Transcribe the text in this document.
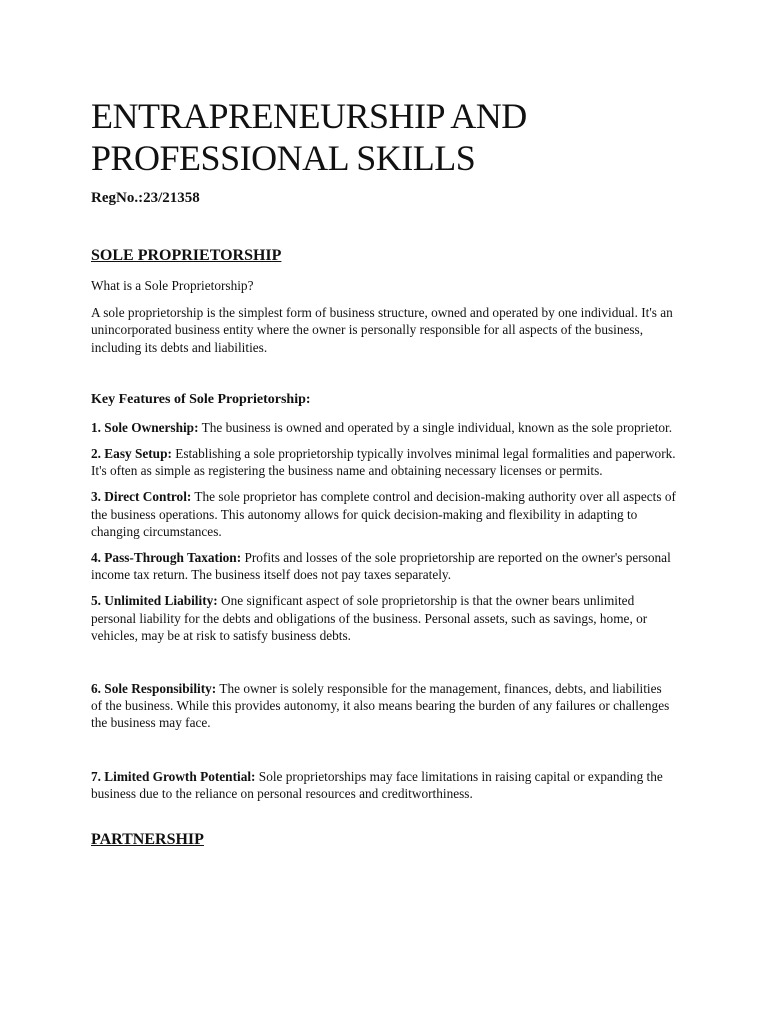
ENTRAPRENEURSHIP AND
PROFESSIONAL SKILLS
RegNo.:23/21358
SOLE PROPRIETORSHIP

What is a Sole Proprietorship?

A sole proprietorship is the simplest form of business structure, owned and operated by one individual. It's an unincorporated business entity where the owner is personally responsible for all aspects of the business, including its debts and liabilities.

Key Features of Sole Proprietorship:

1. Sole Ownership: The business is owned and operated by a single individual, known as the sole proprietor.

2. Easy Setup: Establishing a sole proprietorship typically involves minimal legal formalities and paperwork. It's often as simple as registering the business name and obtaining necessary licenses or permits.

3. Direct Control: The sole proprietor has complete control and decision-making authority over all aspects of the business operations. This autonomy allows for quick decision-making and flexibility in adapting to changing circumstances.

4. Pass-Through Taxation: Profits and losses of the sole proprietorship are reported on the owner's personal income tax return. The business itself does not pay taxes separately.

5. Unlimited Liability: One significant aspect of sole proprietorship is that the owner bears unlimited personal liability for the debts and obligations of the business. Personal assets, such as savings, home, or vehicles, may be at risk to satisfy business debts.

6. Sole Responsibility: The owner is solely responsible for the management, finances, debts, and liabilities of the business. While this provides autonomy, it also means bearing the burden of any failures or challenges the business may face.

7. Limited Growth Potential: Sole proprietorships may face limitations in raising capital or expanding the business due to the reliance on personal resources and creditworthiness.

PARTNERSHIP
